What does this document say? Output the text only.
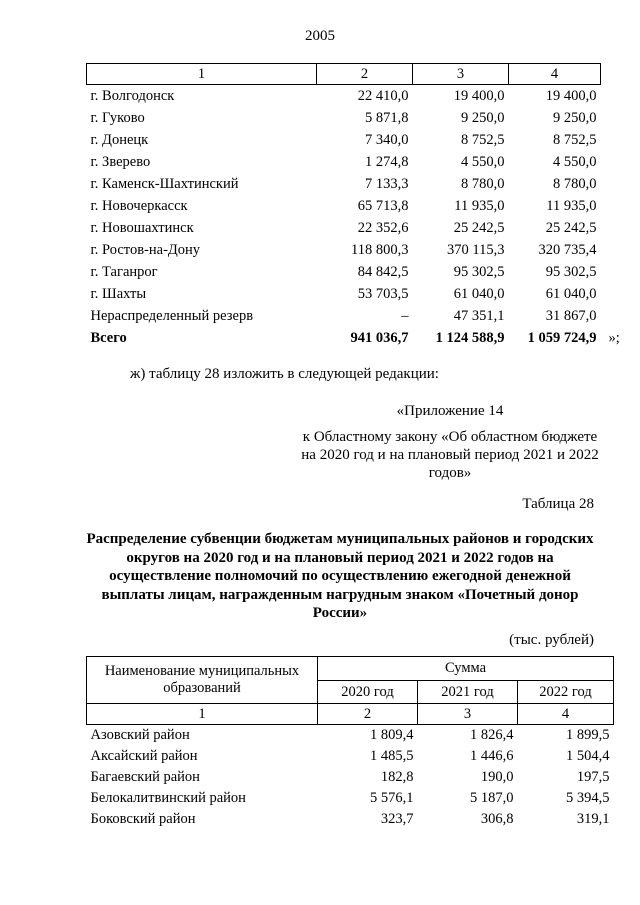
2005
1	2	3	4
г. Волгодонск	22 410,0	19 400,0	19 400,0
г. Гуково	5 871,8	9 250,0	9 250,0
г. Донецк	7 340,0	8 752,5	8 752,5
г. Зверево	1 274,8	4 550,0	4 550,0
г. Каменск-Шахтинский	7 133,3	8 780,0	8 780,0
г. Новочеркасск	65 713,8	11 935,0	11 935,0
г. Новошахтинск	22 352,6	25 242,5	25 242,5
г. Ростов-на-Дону	118 800,3	370 115,3	320 735,4
г. Таганрог	84 842,5	95 302,5	95 302,5
г. Шахты	53 703,5	61 040,0	61 040,0
Нераспределенный резерв	–	47 351,1	31 867,0
Всего	941 036,7	1 124 588,9	1 059 724,9 »;
ж) таблицу 28 изложить в следующей редакции:
«Приложение 14
к Областному закону «Об областном бюджете на 2020 год и на плановый период 2021 и 2022 годов»
Таблица 28
Распределение субвенции бюджетам муниципальных районов и городских округов на 2020 год и на плановый период 2021 и 2022 годов на осуществление полномочий по осуществлению ежегодной денежной выплаты лицам, награжденным нагрудным знаком «Почетный донор России»
(тыс. рублей)
Наименование муниципальных образований	Сумма		
	2020 год	2021 год	2022 год
1	2	3	4
Азовский район	1 809,4	1 826,4	1 899,5
Аксайский район	1 485,5	1 446,6	1 504,4
Багаевский район	182,8	190,0	197,5
Белокалитвинский район	5 576,1	5 187,0	5 394,5
Боковский район	323,7	306,8	319,1
